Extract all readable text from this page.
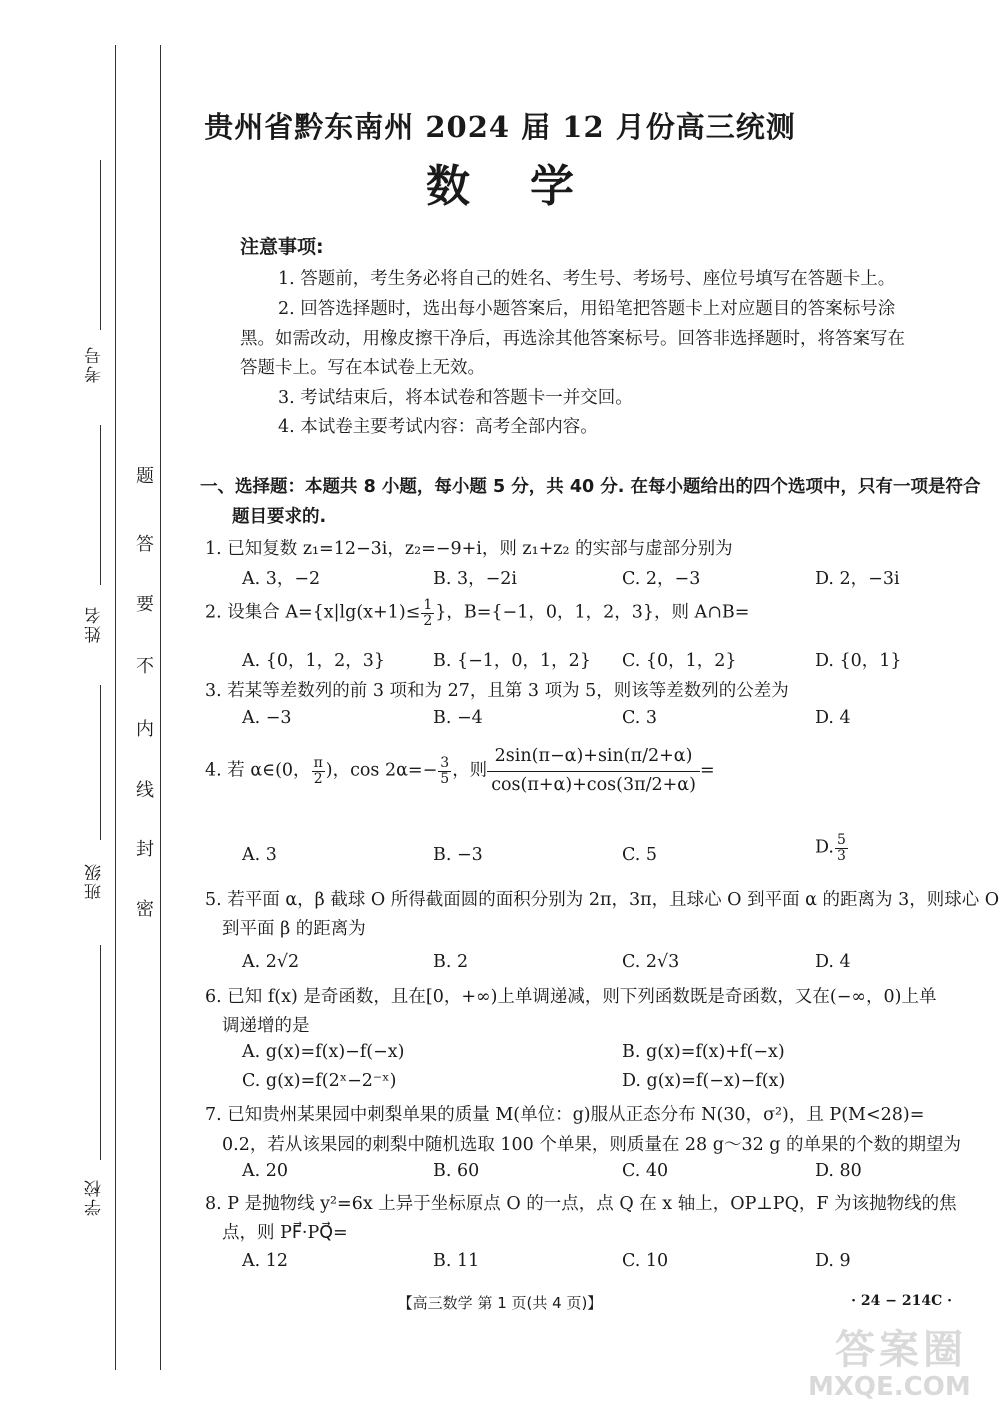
考号
姓名
班级
学校
题
答
要
不
内
线
封
密
贵州省黔东南州 2024 届 12 月份高三统测
数学
注意事项:
1. 答题前，考生务必将自己的姓名、考生号、考场号、座位号填写在答题卡上。
2. 回答选择题时，选出每小题答案后，用铅笔把答题卡上对应题目的答案标号涂
黑。如需改动，用橡皮擦干净后，再选涂其他答案标号。回答非选择题时，将答案写在
答题卡上。写在本试卷上无效。
3. 考试结束后，将本试卷和答题卡一并交回。
4. 本试卷主要考试内容：高考全部内容。
一、选择题：本题共 8 小题，每小题 5 分，共 40 分. 在每小题给出的四个选项中，只有一项是符合
题目要求的.
1. 已知复数 z₁=12−3i，z₂=−9+i，则 z₁+z₂ 的实部与虚部分别为
A. 3，−2	B. 3，−2i	C. 2，−3	D. 2，−3i
2. 设集合 $A=\{x|\lg(x+1)\le \frac{1}{2}$ }，B={−1，0，1，2，3}，则 A∩B=
A. {0，1，2，3}	B. {−1，0，1，2} C. {0，1，2}	D. {0，1}
3. 若某等差数列的前 3 项和为 27，且第 3 项为 5，则该等差数列的公差为
A. −3	B. −4	C. 3	D. 4
4. 若 α∈(0， $\frac{\pi}{2}$ )，$\cos 2\alpha=- \frac{3}{5}$ ，则 $\frac{2\sin(\pi-\alpha)+\sin(\pi/2+\alpha)}{\cos(\pi+\alpha)+\cos(3\pi/2+\alpha)}$ =
A. 3	B. −3	C. 5	D. $\frac{5}{3}$
5. 若平面 α，β 截球 O 所得截面圆的面积分别为 2π，3π，且球心 O 到平面 α 的距离为 3，则球心 O
到平面 β 的距离为
A. 2√2	B. 2	C. 2√3	D. 4
6. 已知 f(x) 是奇函数，且在[0，+∞)上单调递减，则下列函数既是奇函数，又在(−∞，0)上单
调递增的是
A. g(x)=f(x)−f(−x)	B. g(x)=f(x)+f(−x)
C. g(x)=f(2ˣ−2⁻ˣ)	D. g(x)=f(−x)−f(x)
7. 已知贵州某果园中刺梨单果的质量 M(单位：g)服从正态分布 N(30，σ²)，且 P(M<28)=
0.2，若从该果园的刺梨中随机选取 100 个单果，则质量在 28 g～32 g 的单果的个数的期望为
A. 20	B. 60	C. 40	D. 80
8. P 是抛物线 y²=6x 上异于坐标原点 O 的一点，点 Q 在 x 轴上，OP⊥PQ，F 为该抛物线的焦
点，则 PF⃗·PQ⃗=
A. 12	B. 11	C. 10	D. 9
【高三数学 第 1 页(共 4 页)】	· 24 − 214C ·
答案圈
MXQE.COM
